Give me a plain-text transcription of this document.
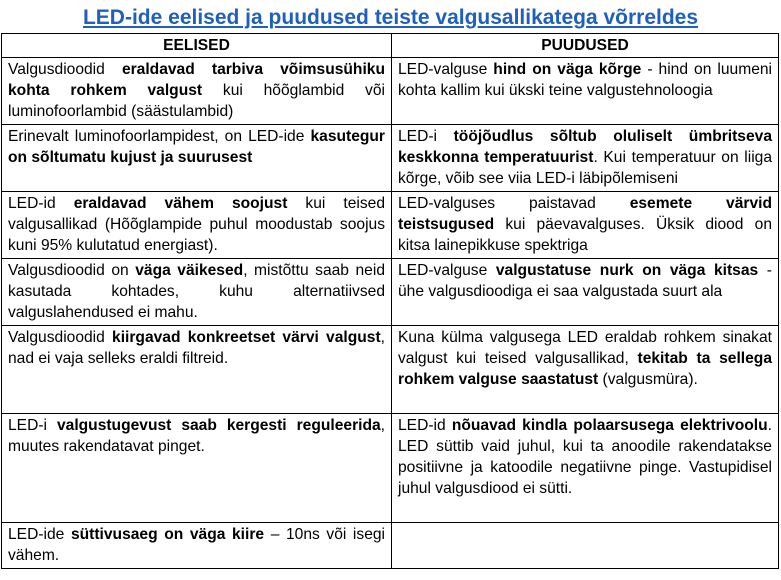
LED-ide eelised ja puudused teiste valgusallikatega võrreldes
EELISED	PUUDUSED
Valgusdioodid eraldavad tarbiva võimsusühiku kohta rohkem valgust kui hõõglambid või luminofoorlambid (säästulambid)	LED-valguse hind on väga kõrge - hind on luumeni kohta kallim kui ükski teine valgustehnoloogia
Erinevalt luminofoorlampidest, on LED-ide kasutegur on sõltumatu kujust ja suurusest	LED-i tööjõudlus sõltub oluliselt ümbritseva keskkonna temperatuurist. Kui temperatuur on liiga kõrge, võib see viia LED-i läbipõlemiseni
LED-id eraldavad vähem soojust kui teised valgusallikad (Hõõglampide puhul moodustab soojus kuni 95% kulutatud energiast).	LED-valguses paistavad esemete värvid teistsugused kui päevavalguses. Üksik diood on kitsa lainepikkuse spektriga
Valgusdioodid on väga väikesed, mistõttu saab neid kasutada kohtades, kuhu alternatiivsed valguslahendused ei mahu.	LED-valguse valgustatuse nurk on väga kitsas - ühe valgusdioodiga ei saa valgustada suurt ala
Valgusdioodid kiirgavad konkreetset värvi valgust, nad ei vaja selleks eraldi filtreid.	Kuna külma valgusega LED eraldab rohkem sinakat valgust kui teised valgusallikad, tekitab ta sellega rohkem valguse saastatust (valgusmüra).
LED-i valgustugevust saab kergesti reguleerida, muutes rakendatavat pinget.	LED-id nõuavad kindla polaarsusega elektrivoolu. LED süttib vaid juhul, kui ta anoodile rakendatakse positiivne ja katoodile negatiivne pinge. Vastupidisel juhul valgusdiood ei sütti.
LED-ide süttivusaeg on väga kiire – 10ns või isegi vähem.	
